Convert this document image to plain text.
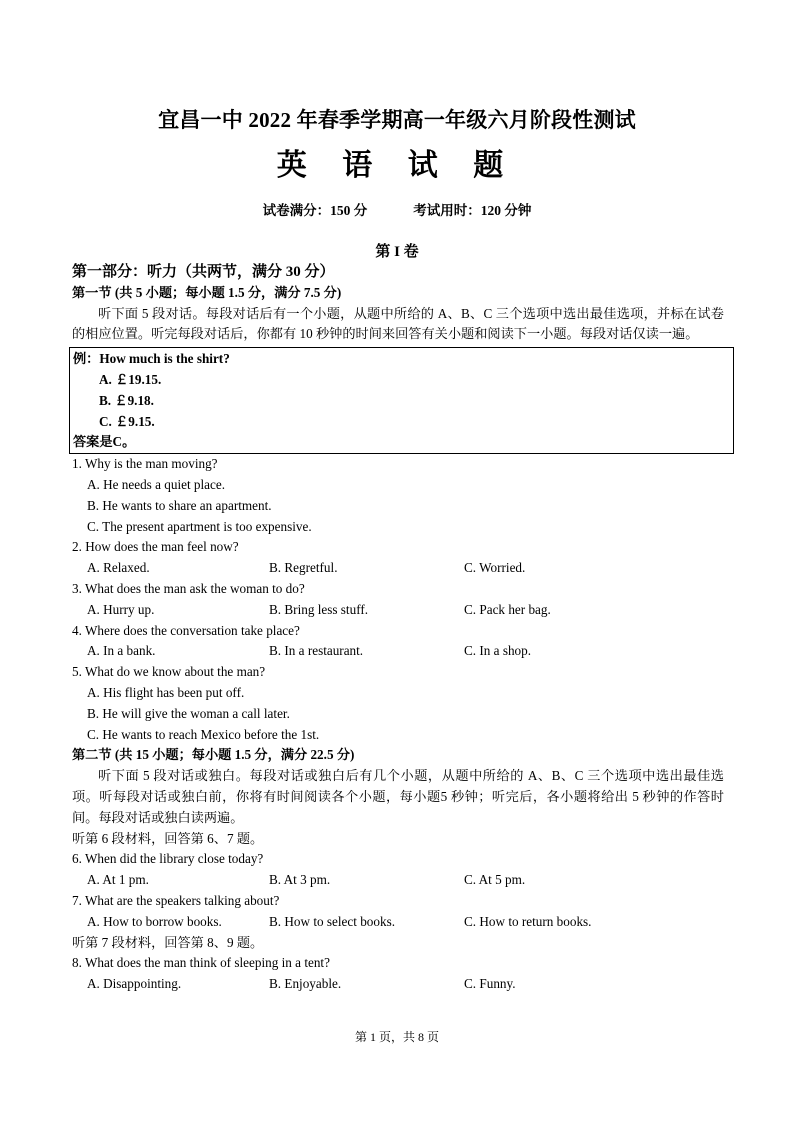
宜昌一中 2022 年春季学期高一年级六月阶段性测试
英 语 试 题
试卷满分：150 分	考试用时：120 分钟
第 I 卷
第一部分：听力（共两节，满分 30 分）
第一节 (共 5 小题；每小题 1.5 分，满分 7.5 分)

听下面 5 段对话。每段对话后有一个小题，从题中所给的 A、B、C 三个选项中选出最佳选项，并标在试卷的相应位置。听完每段对话后，你都有 10 秒钟的时间来回答有关小题和阅读下一小题。每段对话仅读一遍。

例：How much is the shirt?
A. ￡19.15.
B. ￡9.18.
C. ￡9.15.
答案是C。
1. Why is the man moving?
A. He needs a quiet place.
B. He wants to share an apartment.
C. The present apartment is too expensive.
2. How does the man feel now?
A. Relaxed.	B. Regretful.	C. Worried.
3. What does the man ask the woman to do?
A. Hurry up.	B. Bring less stuff.	C. Pack her bag.
4. Where does the conversation take place?
A. In a bank.	B. In a restaurant.	C. In a shop.
5. What do we know about the man?
A. His flight has been put off.
B. He will give the woman a call later.
C. He wants to reach Mexico before the 1st.
第二节 (共 15 小题；每小题 1.5 分，满分 22.5 分)

听下面 5 段对话或独白。每段对话或独白后有几个小题，从题中所给的 A、B、C 三个选项中选出最佳选项。听每段对话或独白前，你将有时间阅读各个小题，每小题5 秒钟；听完后，各小题将给出 5 秒钟的作答时间。每段对话或独白读两遍。

听第 6 段材料，回答第 6、7 题。
6. When did the library close today?
A. At 1 pm.	B. At 3 pm.	C. At 5 pm.
7. What are the speakers talking about?
A. How to borrow books.	B. How to select books.	C. How to return books.
听第 7 段材料，回答第 8、9 题。
8. What does the man think of sleeping in a tent?
A. Disappointing.	B. Enjoyable.	C. Funny.
第 1 页，共 8 页
